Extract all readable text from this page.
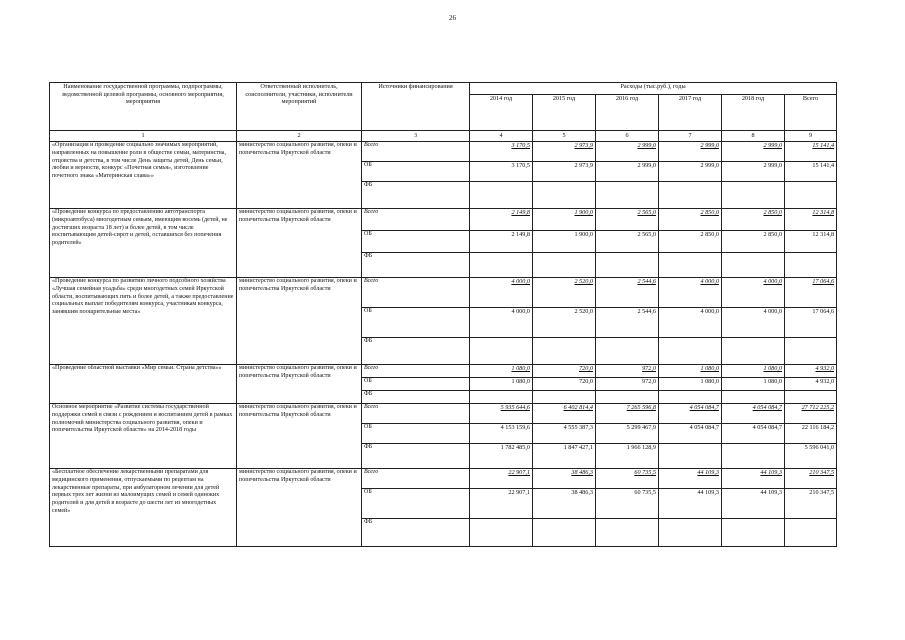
26
Наименование государственной программы, подпрограммы, ведомственной целевой программы, основного мероприятия, мероприятия	Ответственный исполнитель, соисполнители, участники, исполнители мероприятий	Источники финансирования	Расходы (тыс.руб.), годы					
			2014 год	2015 год	2016 год	2017 год	2018 год	Всего
1	2	3	4	5	6	7	8	9
«Организация и проведение социально значимых мероприятий, направленных на повышение роли в обществе семьи, материнства, отцовства и детства, в том числе День защиты детей, День семьи, любви и верности, конкурс «Почетная семья», изготовление почетного знака «Материнская слава»»	министерство социального развития, опеки и попечительства Иркутской области	Всего	3 170,5	2 973,9	2 999,0	2 999,0	2 999,0	15 141,4
		ОБ	3 170,5	2 973,9	2 999,0	2 999,0	2 999,0	15 141,4
		ФБ						
«Проведение конкурса по предоставлению автотранспорта (микроавтобуса) многодетным семьям, имеющим восемь (детей, не достигших возраста 18 лет) и более детей, в том числе воспитывающим детей-сирот и детей, оставшихся без попечения родителей»	министерство социального развития, опеки и попечительства Иркутской области	Всего	2 149,8	1 900,0	2 565,0	2 850,0	2 850,0	12 314,8
		ОБ	2 149,8	1 900,0	2 565,0	2 850,0	2 850,0	12 314,8
		ФБ						
«Проведение конкурса по развитию личного подсобного хозяйства «Лучшая семейная усадьба» среди многодетных семей Иркутской области, воспитывающих пять и более детей, а также предоставление социальных выплат победителям конкурса, участникам конкурса, занявшим поощрительные места»	министерство социального развития, опеки и попечительства Иркутской области	Всего	4 000,0	2 520,0	2 544,6	4 000,0	4 000,0	17 064,6
		ОБ	4 000,0	2 520,0	2 544,6	4 000,0	4 000,0	17 064,6
		ФБ						
«Проведение областной выставки «Мир семьи. Страна детства»»	министерство социального развития, опеки и попечительства Иркутской области	Всего	1 080,0	720,0	972,0	1 080,0	1 080,0	4 932,0
		ОБ	1 080,0	720,0	972,0	1 080,0	1 080,0	4 932,0
		ФБ						
Основное мероприятие «Развитие системы государственной поддержки семей в связи с рождением и воспитанием детей в рамках полномочий министерства социального развития, опеки и попечительства Иркутской области» на 2014-2018 годы	министерство социального развития, опеки и попечительства Иркутской области	Всего	5 935 644,6	6 402 814,4	7 265 596,8	4 054 084,7	4 054 084,7	27 712 225,2
		ОБ	4 153 159,6	4 555 387,3	5 299 467,9	4 054 084,7	4 054 084,7	22 116 184,2
		ФБ	1 782 485,0	1 847 427,1	1 966 128,9			5 596 041,0
«Бесплатное обеспечение лекарственными препаратами для медицинского применения, отпускаемыми по рецептам на лекарственные препараты, при амбулаторном лечении для детей первых трех лет жизни из малоимущих семей и семей одиноких родителей и для детей в возрасте до шести лет из многодетных семей»	министерство социального развития, опеки и попечительства Иркутской области	Всего	22 907,1	38 486,3	60 735,5	44 109,3	44 109,3	210 347,5
		ОБ	22 907,1	38 486,3	60 735,5	44 109,3	44 109,3	210 347,5
		ФБ						
